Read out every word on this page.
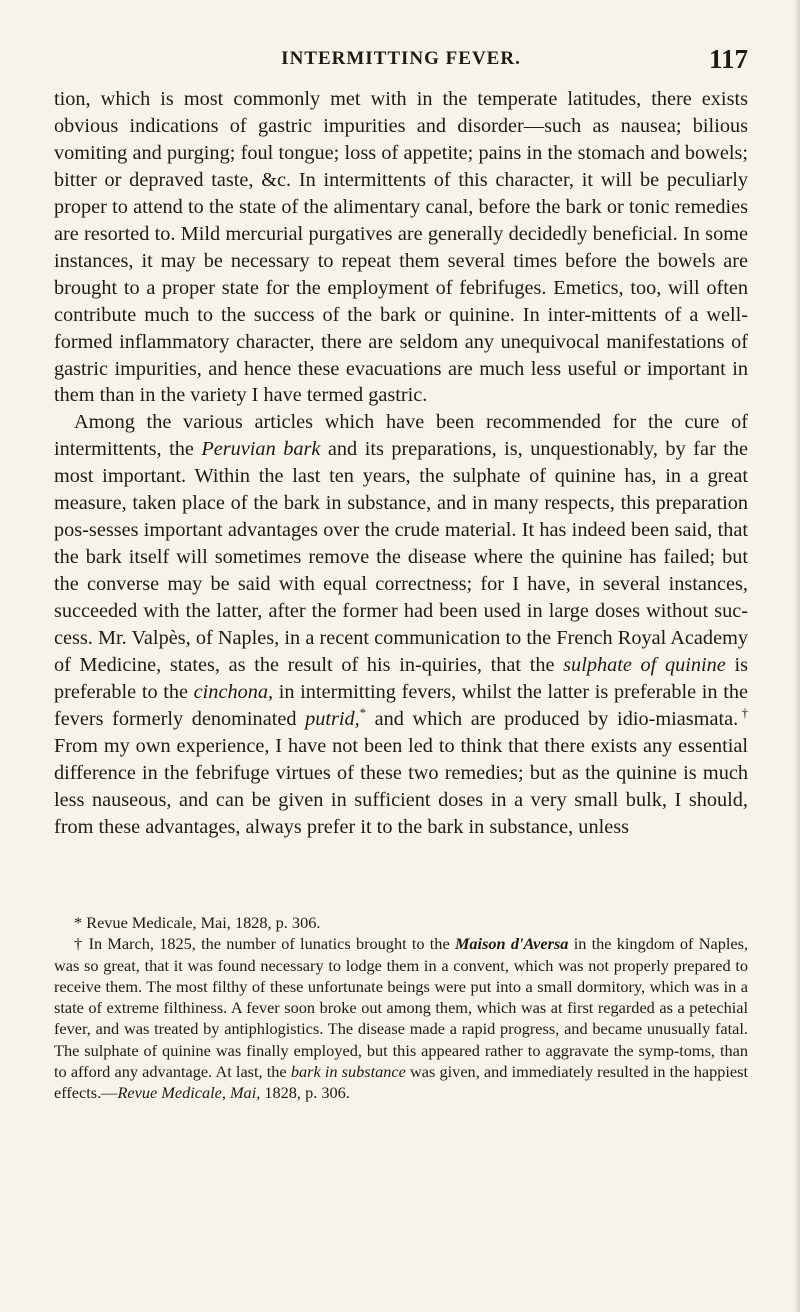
INTERMITTING FEVER.	117

tion, which is most commonly met with in the temperate latitudes, there exists obvious indications of gastric impurities and disorder—such as nausea; bilious vomiting and purging; foul tongue; loss of appetite; pains in the stomach and bowels; bitter or depraved taste, &c. In intermittents of this character, it will be peculiarly proper to attend to the state of the alimentary canal, before the bark or tonic remedies are resorted to. Mild mercurial purgatives are generally decidedly beneficial. In some instances, it may be necessary to repeat them several times before the bowels are brought to a proper state for the employment of febrifuges. Emetics, too, will often contribute much to the success of the bark or quinine. In inter-mittents of a well-formed inflammatory character, there are seldom any unequivocal manifestations of gastric impurities, and hence these evacuations are much less useful or important in them than in the variety I have termed gastric.

Among the various articles which have been recommended for the cure of intermittents, the Peruvian bark and its preparations, is, unquestionably, by far the most important. Within the last ten years, the sulphate of quinine has, in a great measure, taken place of the bark in substance, and in many respects, this preparation pos-sesses important advantages over the crude material. It has indeed been said, that the bark itself will sometimes remove the disease where the quinine has failed; but the converse may be said with equal correctness; for I have, in several instances, succeeded with the latter, after the former had been used in large doses without suc-cess. Mr. Valpès, of Naples, in a recent communication to the French Royal Academy of Medicine, states, as the result of his in-quiries, that the sulphate of quinine is preferable to the cinchona, in intermitting fevers, whilst the latter is preferable in the fevers formerly denominated putrid,* and which are produced by idio-miasmata.† From my own experience, I have not been led to think that there exists any essential difference in the febrifuge virtues of these two remedies; but as the quinine is much less nauseous, and can be given in sufficient doses in a very small bulk, I should, from these advantages, always prefer it to the bark in substance, unless

* Revue Medicale, Mai, 1828, p. 306.

† In March, 1825, the number of lunatics brought to the Maison d'Aversa in the kingdom of Naples, was so great, that it was found necessary to lodge them in a convent, which was not properly prepared to receive them. The most filthy of these unfortunate beings were put into a small dormitory, which was in a state of extreme filthiness. A fever soon broke out among them, which was at first regarded as a petechial fever, and was treated by antiphlogistics. The disease made a rapid progress, and became unusually fatal. The sulphate of quinine was finally employed, but this appeared rather to aggravate the symp-toms, than to afford any advantage. At last, the bark in substance was given, and immediately resulted in the happiest effects.—Revue Medicale, Mai, 1828, p. 306.
